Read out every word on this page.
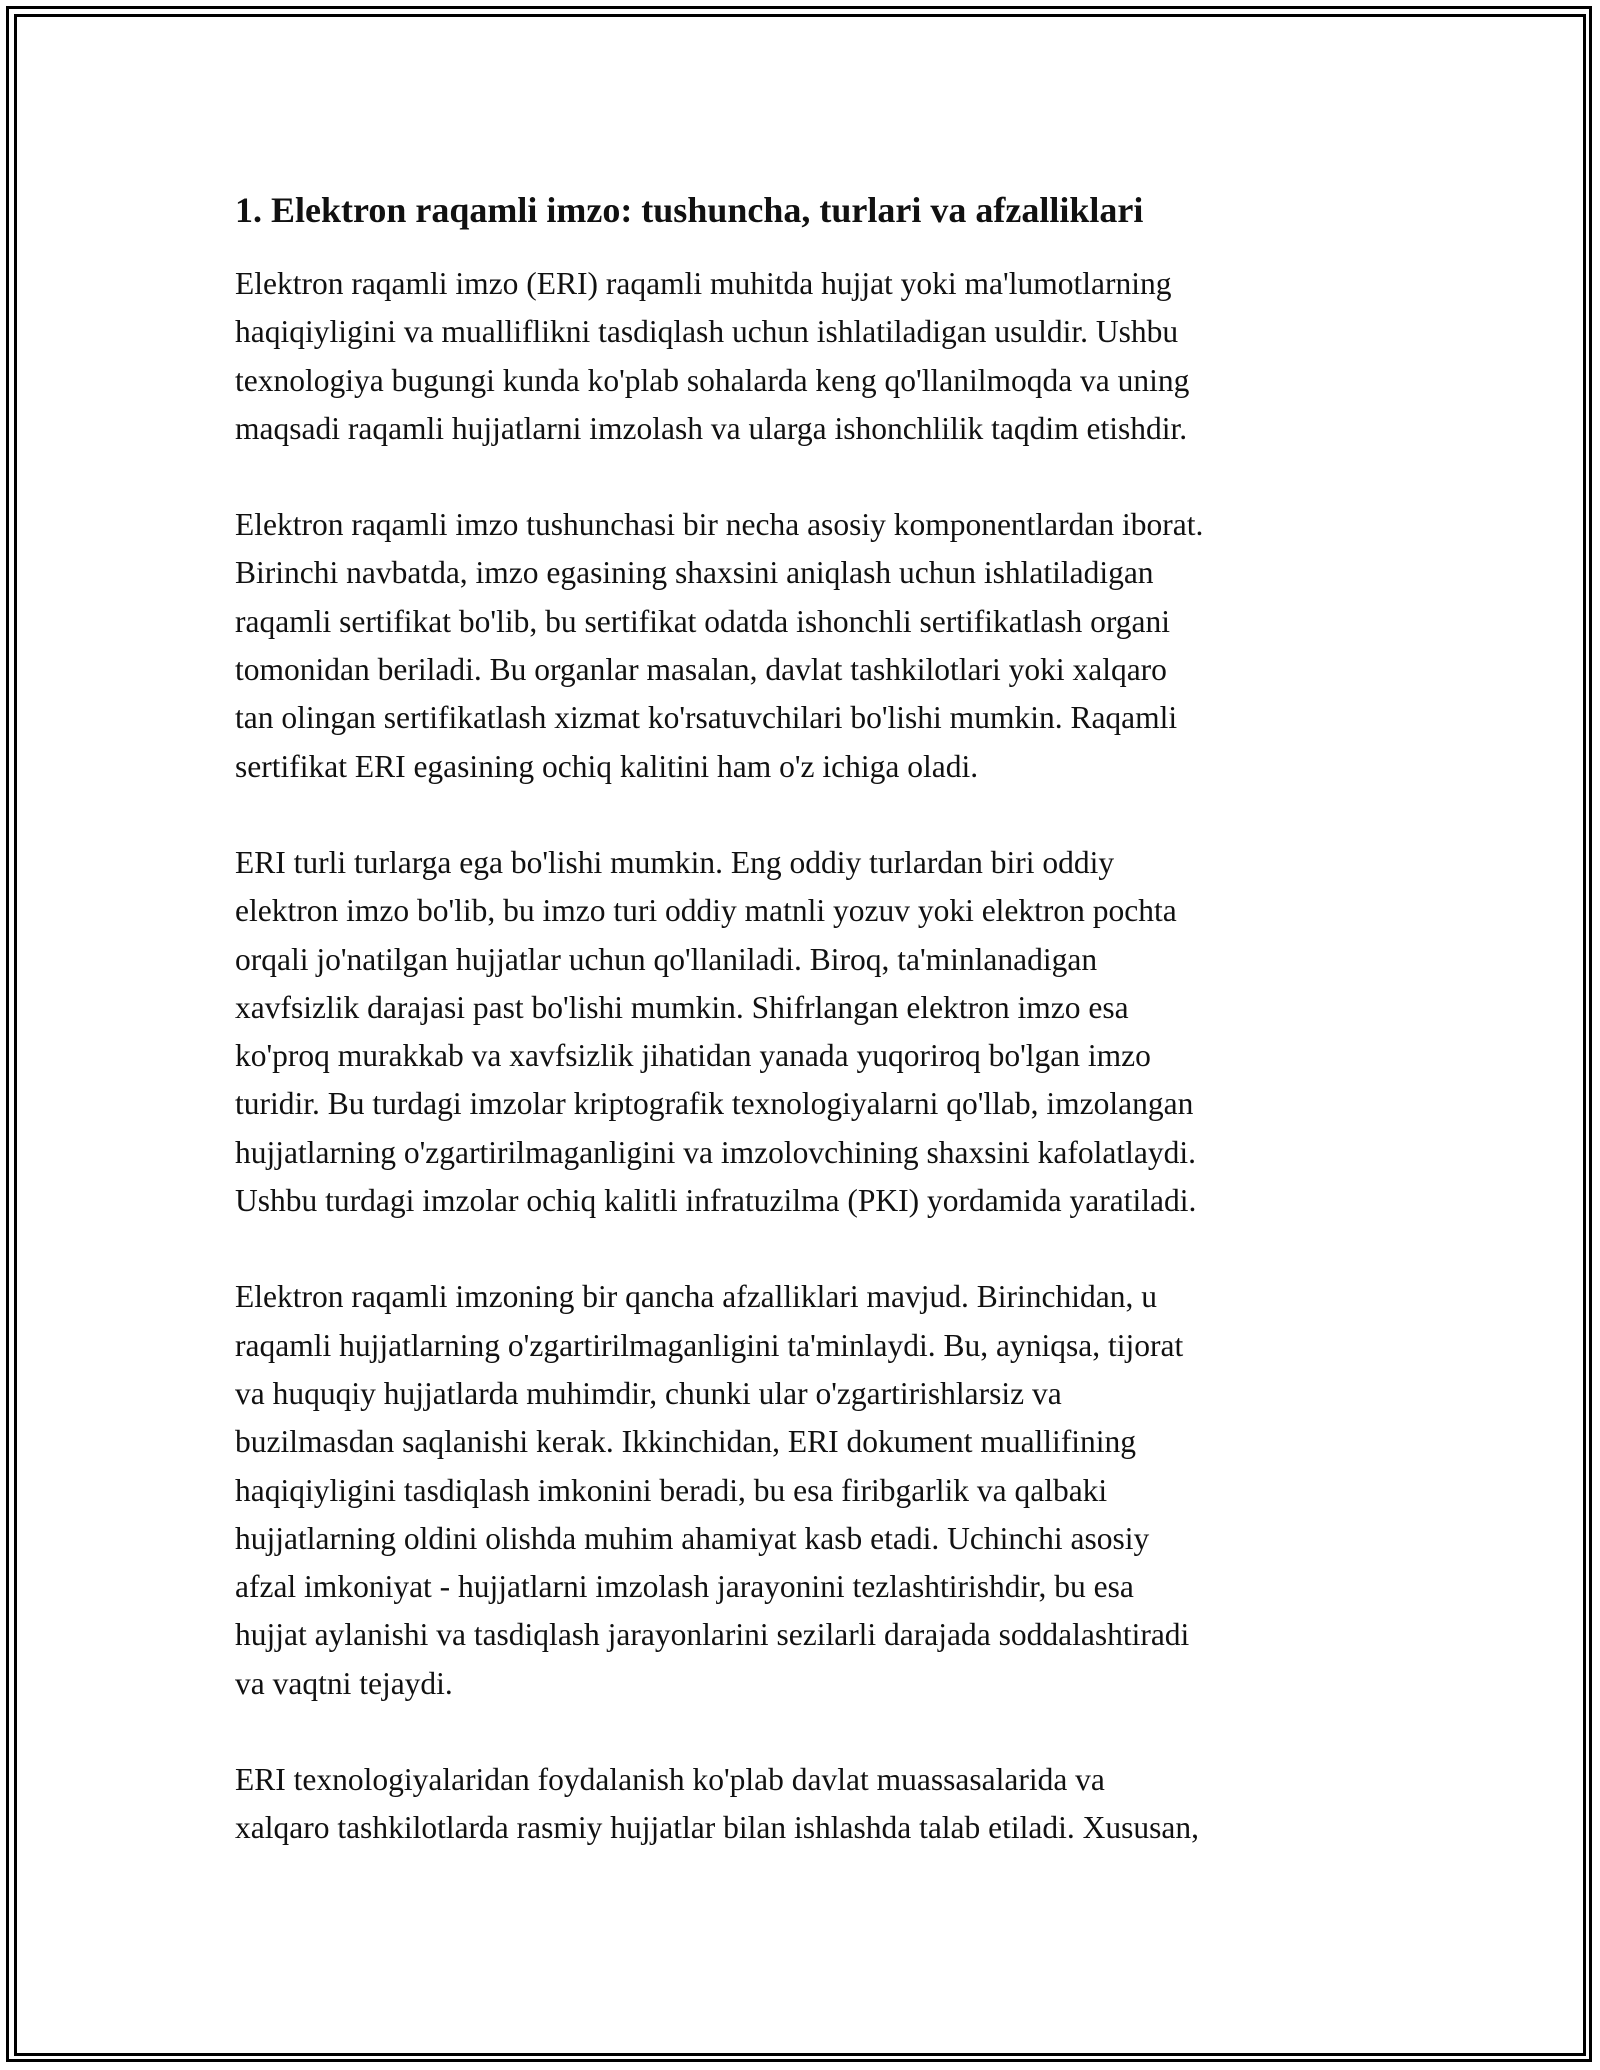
1. Elektron raqamli imzo: tushuncha, turlari va afzalliklari

Elektron raqamli imzo (ERI) raqamli muhitda hujjat yoki ma'lumotlarning
haqiqiyligini va mualliflikni tasdiqlash uchun ishlatiladigan usuldir. Ushbu
texnologiya bugungi kunda ko'plab sohalarda keng qo'llanilmoqda va uning
maqsadi raqamli hujjatlarni imzolash va ularga ishonchlilik taqdim etishdir.

Elektron raqamli imzo tushunchasi bir necha asosiy komponentlardan iborat.
Birinchi navbatda, imzo egasining shaxsini aniqlash uchun ishlatiladigan
raqamli sertifikat bo'lib, bu sertifikat odatda ishonchli sertifikatlash organi
tomonidan beriladi. Bu organlar masalan, davlat tashkilotlari yoki xalqaro
tan olingan sertifikatlash xizmat ko'rsatuvchilari bo'lishi mumkin. Raqamli
sertifikat ERI egasining ochiq kalitini ham o'z ichiga oladi.

ERI turli turlarga ega bo'lishi mumkin. Eng oddiy turlardan biri oddiy
elektron imzo bo'lib, bu imzo turi oddiy matnli yozuv yoki elektron pochta
orqali jo'natilgan hujjatlar uchun qo'llaniladi. Biroq, ta'minlanadigan
xavfsizlik darajasi past bo'lishi mumkin. Shifrlangan elektron imzo esa
ko'proq murakkab va xavfsizlik jihatidan yanada yuqoriroq bo'lgan imzo
turidir. Bu turdagi imzolar kriptografik texnologiyalarni qo'llab, imzolangan
hujjatlarning o'zgartirilmaganligini va imzolovchining shaxsini kafolatlaydi.
Ushbu turdagi imzolar ochiq kalitli infratuzilma (PKI) yordamida yaratiladi.

Elektron raqamli imzoning bir qancha afzalliklari mavjud. Birinchidan, u
raqamli hujjatlarning o'zgartirilmaganligini ta'minlaydi. Bu, ayniqsa, tijorat
va huquqiy hujjatlarda muhimdir, chunki ular o'zgartirishlarsiz va
buzilmasdan saqlanishi kerak. Ikkinchidan, ERI dokument muallifining
haqiqiyligini tasdiqlash imkonini beradi, bu esa firibgarlik va qalbaki
hujjatlarning oldini olishda muhim ahamiyat kasb etadi. Uchinchi asosiy
afzal imkoniyat - hujjatlarni imzolash jarayonini tezlashtirishdir, bu esa
hujjat aylanishi va tasdiqlash jarayonlarini sezilarli darajada soddalashtiradi
va vaqtni tejaydi.

ERI texnologiyalaridan foydalanish ko'plab davlat muassasalarida va
xalqaro tashkilotlarda rasmiy hujjatlar bilan ishlashda talab etiladi. Xususan,
